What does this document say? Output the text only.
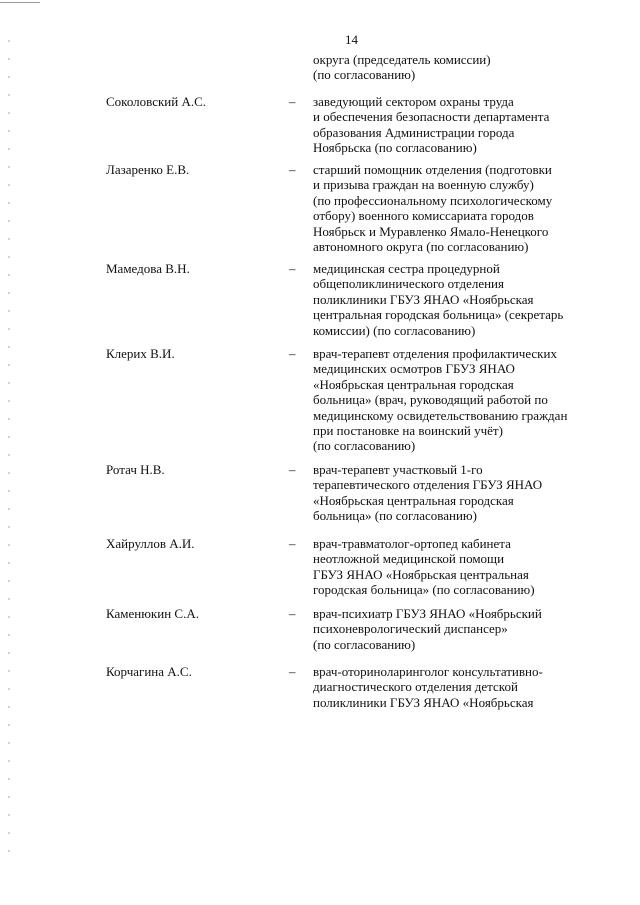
14
округа (председатель комиссии)
(по согласованию)
Соколовский А.С.	– заведующий сектором охраны труда
и обеспечения безопасности департамента
образования Администрации города
Ноябрьска (по согласованию)
Лазаренко Е.В.	– старший помощник отделения (подготовки
и призыва граждан на военную службу)
(по профессиональному психологическому
отбору) военного комиссариата городов
Ноябрьск и Муравленко Ямало-Ненецкого
автономного округа (по согласованию)
Мамедова В.Н.	– медицинская сестра процедурной
общеполиклинического отделения
поликлиники ГБУЗ ЯНАО «Ноябрьская
центральная городская больница» (секретарь
комиссии) (по согласованию)
Клерих В.И.	– врач-терапевт отделения профилактических
медицинских осмотров ГБУЗ ЯНАО
«Ноябрьская центральная городская
больница» (врач, руководящий работой по
медицинскому освидетельствованию граждан
при постановке на воинский учёт)
(по согласованию)
Ротач Н.В.	– врач-терапевт участковый 1-го
терапевтического отделения ГБУЗ ЯНАО
«Ноябрьская центральная городская
больница» (по согласованию)
Хайруллов А.И.	– врач-травматолог-ортопед кабинета
неотложной медицинской помощи
ГБУЗ ЯНАО «Ноябрьская центральная
городская больница» (по согласованию)
Каменюкин С.А.	– врач-психиатр ГБУЗ ЯНАО «Ноябрьский
психоневрологический диспансер»
(по согласованию)
Корчагина А.С.	– врач-оториноларинголог консультативно-
диагностического отделения детской
поликлиники ГБУЗ ЯНАО «Ноябрьская
